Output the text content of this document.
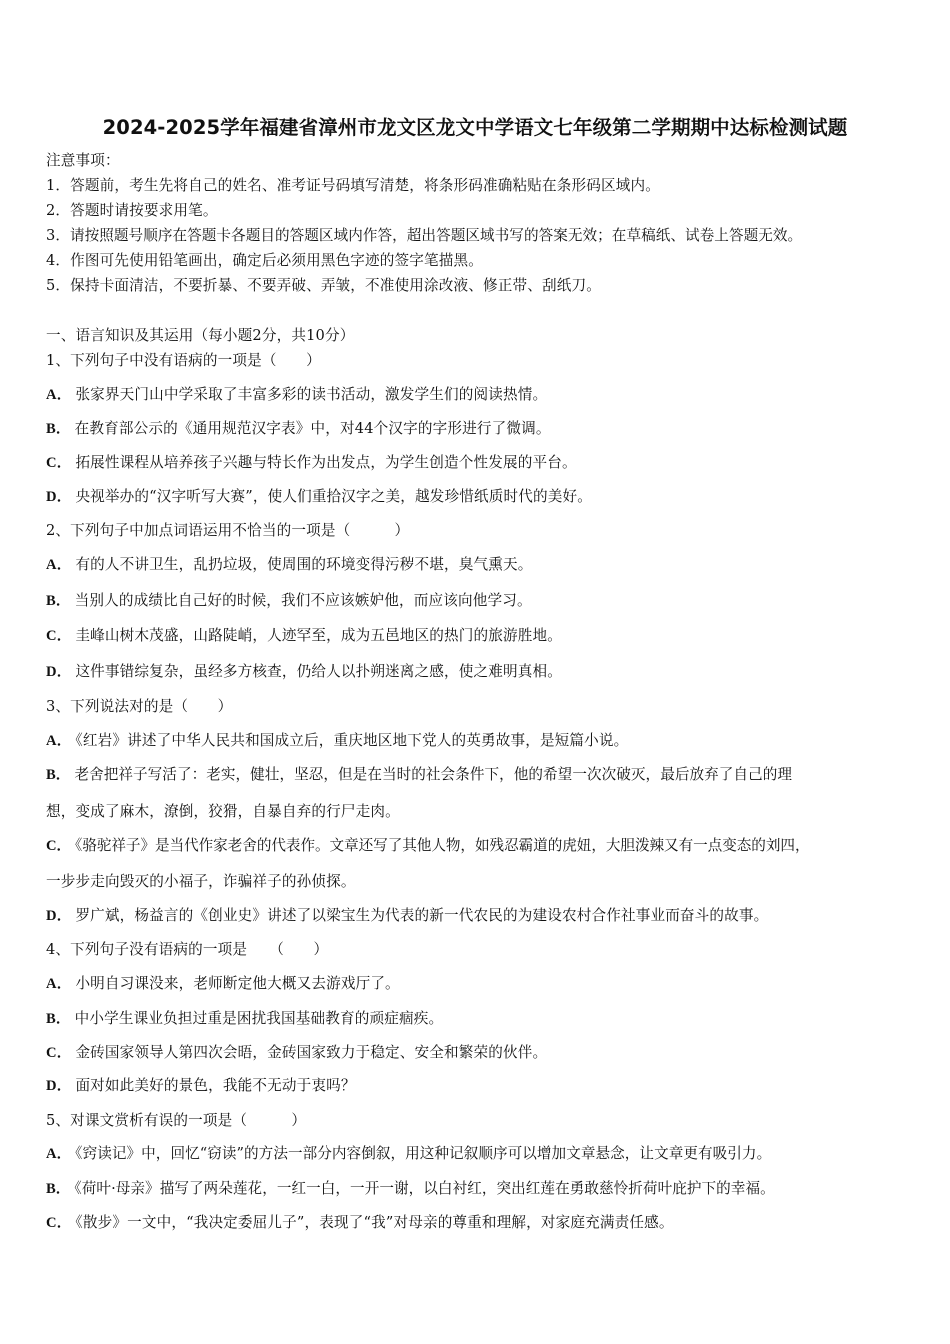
2024-2025学年福建省漳州市龙文区龙文中学语文七年级第二学期期中达标检测试题
注意事项：
1．答题前，考生先将自己的姓名、准考证号码填写清楚，将条形码准确粘贴在条形码区域内。
2．答题时请按要求用笔。
3．请按照题号顺序在答题卡各题目的答题区域内作答，超出答题区域书写的答案无效；在草稿纸、试卷上答题无效。
4．作图可先使用铅笔画出，确定后必须用黑色字迹的签字笔描黑。
5．保持卡面清洁，不要折暴、不要弄破、弄皱，不准使用涂改液、修正带、刮纸刀。
一、语言知识及其运用（每小题2分，共10分）
1、下列句子中没有语病的一项是（　　）
A． 张家界天门山中学采取了丰富多彩的读书活动，激发学生们的阅读热情。
B． 在教育部公示的《通用规范汉字表》中，对44个汉字的字形进行了微调。
C． 拓展性课程从培养孩子兴趣与特长作为出发点，为学生创造个性发展的平台。
D． 央视举办的“汉字听写大赛”，使人们重拾汉字之美，越发珍惜纸质时代的美好。
2、下列句子中加点词语运用不恰当的一项是（　　　）
A． 有的人不讲卫生，乱扔垃圾，使周围的环境变得污秽不堪，臭气熏天。
B． 当别人的成绩比自己好的时候，我们不应该嫉妒他，而应该向他学习。
C． 圭峰山树木茂盛，山路陡峭，人迹罕至，成为五邑地区的热门的旅游胜地。
D． 这件事错综复杂，虽经多方核查，仍给人以扑朔迷离之感，使之难明真相。
3、下列说法对的是（　　）
A． 《红岩》讲述了中华人民共和国成立后，重庆地区地下党人的英勇故事，是短篇小说。
B． 老舍把祥子写活了：老实，健壮，坚忍，但是在当时的社会条件下，他的希望一次次破灭，最后放弃了自己的理
想，变成了麻木，潦倒，狡猾，自暴自弃的行尸走肉。
C． 《骆驼祥子》是当代作家老舍的代表作。文章还写了其他人物，如残忍霸道的虎妞，大胆泼辣又有一点变态的刘四，
一步步走向毁灭的小福子，诈骗祥子的孙侦探。
D． 罗广斌，杨益言的《创业史》讲述了以梁宝生为代表的新一代农民的为建设农村合作社事业而奋斗的故事。
4、下列句子没有语病的一项是　　（　　）
A． 小明自习课没来，老师断定他大概又去游戏厅了。
B． 中小学生课业负担过重是困扰我国基础教育的顽症痼疾。
C． 金砖国家领导人第四次会晤，金砖国家致力于稳定、安全和繁荣的伙伴。
D． 面对如此美好的景色，我能不无动于衷吗？
5、对课文赏析有误的一项是（　　　）
A． 《窍读记》中，回忆“窃读”的方法一部分内容倒叙，用这种记叙顺序可以增加文章悬念，让文章更有吸引力。
B． 《荷叶·母亲》描写了两朵莲花，一红一白，一开一谢，以白衬红，突出红莲在勇敢慈怜折荷叶庇护下的幸福。
C． 《散步》一文中，“我决定委屈儿子”，表现了“我”对母亲的尊重和理解，对家庭充满责任感。
